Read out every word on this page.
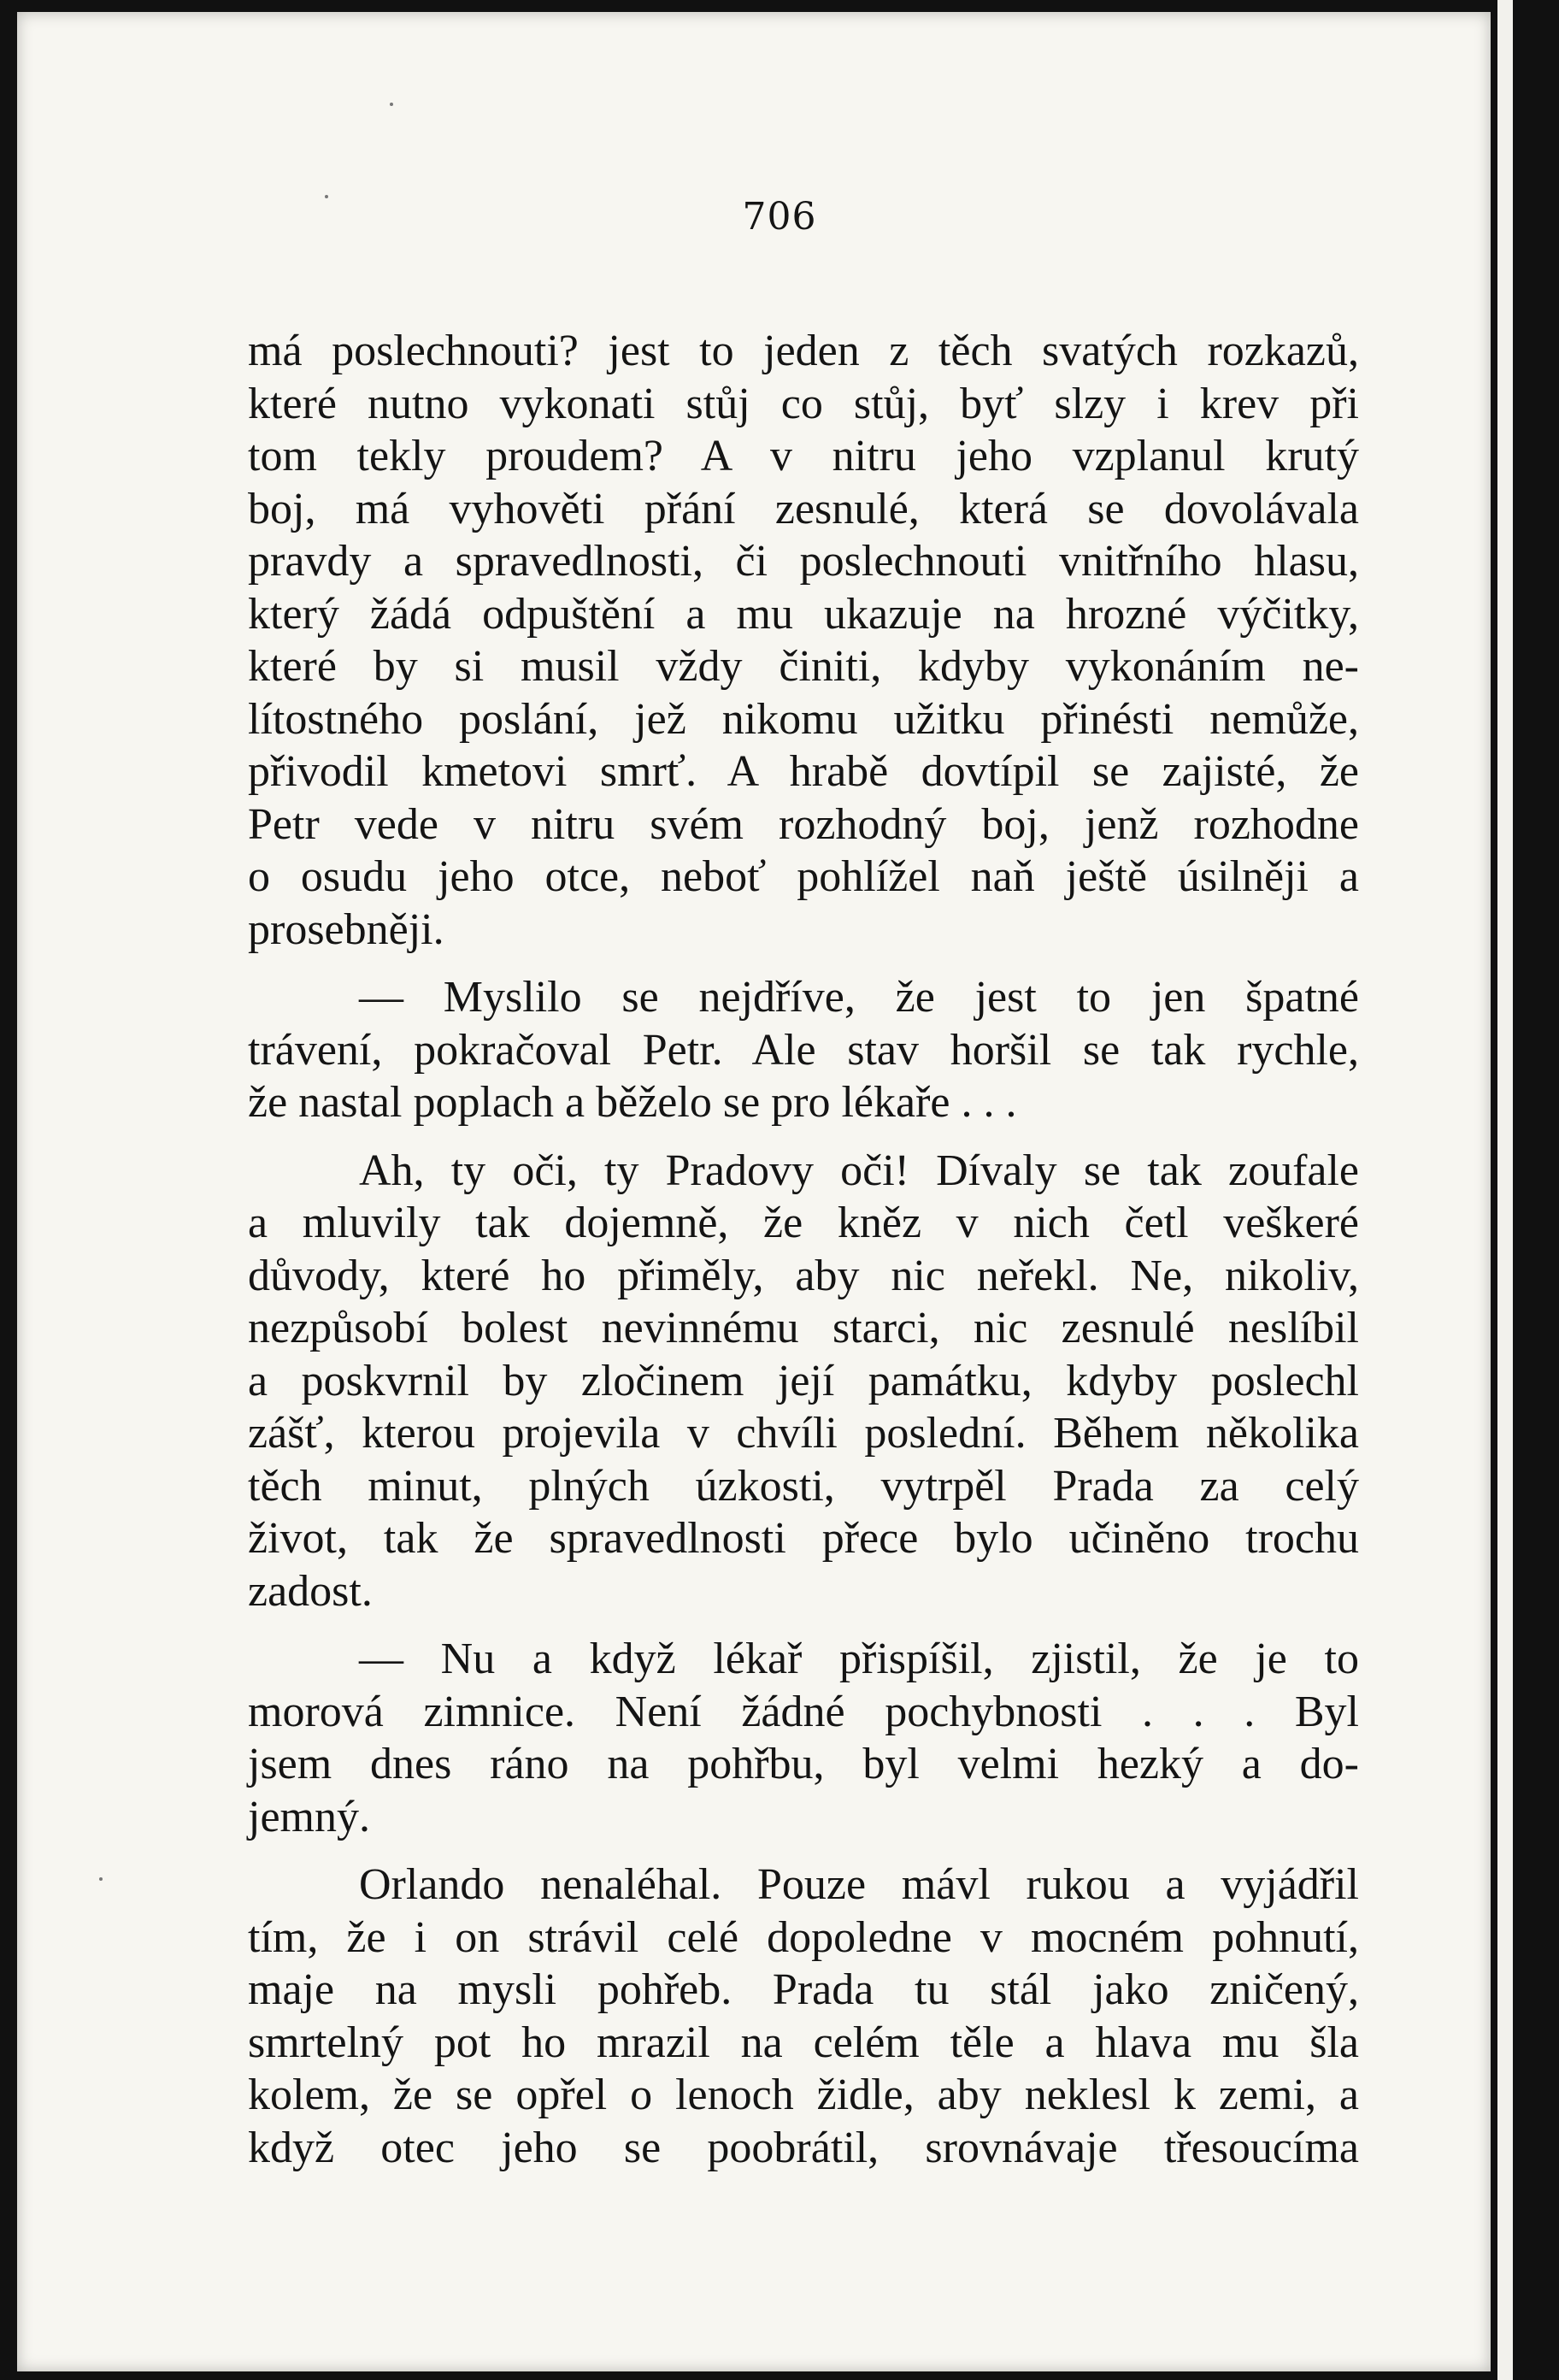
706
má poslechnouti? jest to jeden z těch svatých rozkazů,
které nutno vykonati stůj co stůj, byť slzy i krev při
tom tekly proudem? A v nitru jeho vzplanul krutý
boj, má vyhověti přání zesnulé, která se dovolávala
pravdy a spravedlnosti, či poslechnouti vnitřního hlasu,
který žádá odpuštění a mu ukazuje na hrozné výčitky,
které by si musil vždy činiti, kdyby vykonáním ne-
lítostného poslání, jež nikomu užitku přinésti nemůže,
přivodil kmetovi smrť. A hrabě dovtípil se zajisté, že
Petr vede v nitru svém rozhodný boj, jenž rozhodne
o osudu jeho otce, neboť pohlížel naň ještě úsilněji a
prosebněji.
— Myslilo se nejdříve, že jest to jen špatné
trávení, pokračoval Petr. Ale stav horšil se tak rychle,
že nastal poplach a běželo se pro lékaře . . .
Ah, ty oči, ty Pradovy oči! Dívaly se tak zoufale
a mluvily tak dojemně, že kněz v nich četl veškeré
důvody, které ho přiměly, aby nic neřekl. Ne, nikoliv,
nezpůsobí bolest nevinnému starci, nic zesnulé neslíbil
a poskvrnil by zločinem její památku, kdyby poslechl
zášť, kterou projevila v chvíli poslední. Během několika
těch minut, plných úzkosti, vytrpěl Prada za celý
život, tak že spravedlnosti přece bylo učiněno trochu
zadost.
— Nu a když lékař přispíšil, zjistil, že je to
morová zimnice. Není žádné pochybnosti . . . Byl
jsem dnes ráno na pohřbu, byl velmi hezký a do-
jemný.
Orlando nenaléhal. Pouze mávl rukou a vyjádřil
tím, že i on strávil celé dopoledne v mocném pohnutí,
maje na mysli pohřeb. Prada tu stál jako zničený,
smrtelný pot ho mrazil na celém těle a hlava mu šla
kolem, že se opřel o lenoch židle, aby neklesl k zemi, a
když otec jeho se poobrátil, srovnávaje třesoucíma
